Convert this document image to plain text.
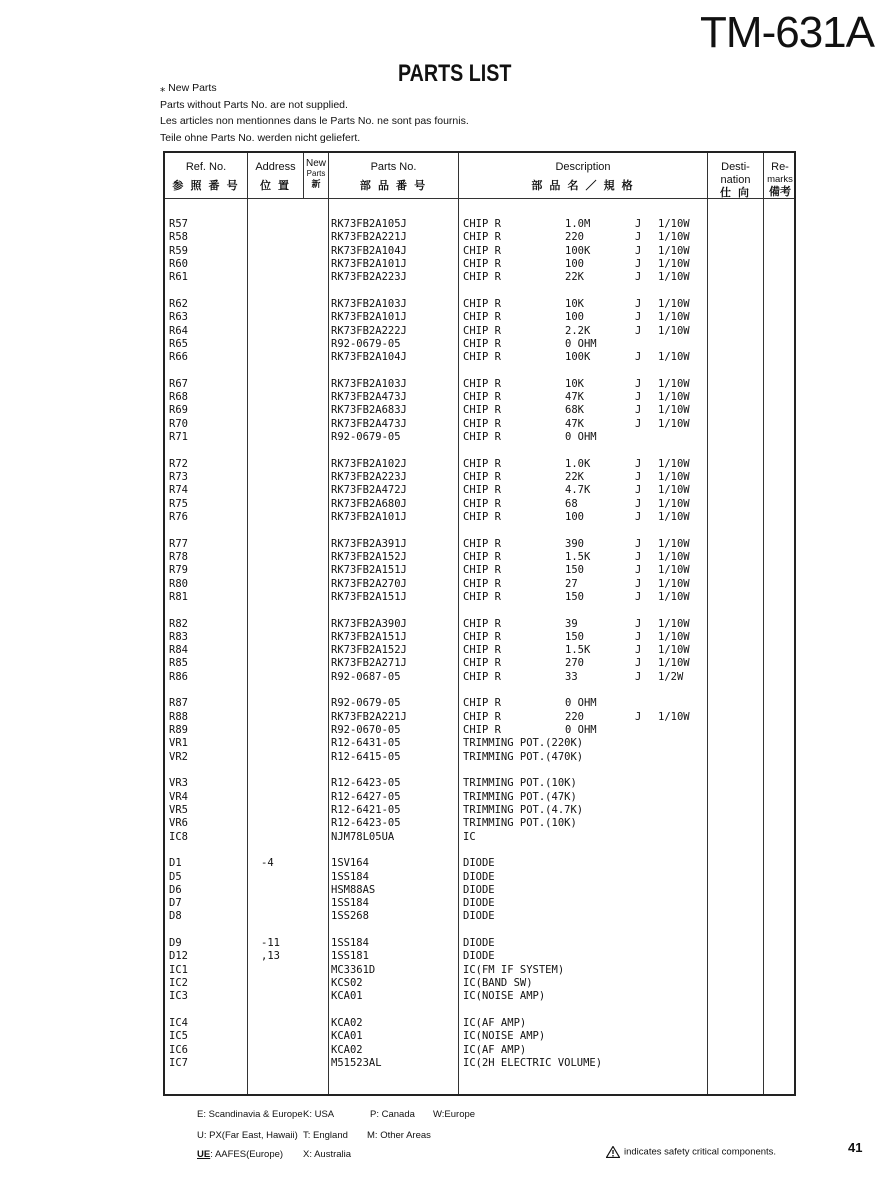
TM-631A
PARTS LIST
⁎ New Parts
Parts without Parts No. are not supplied.
Les articles non mentionnes dans le Parts No. ne sont pas fournis.
Teile ohne Parts No. werden nicht geliefert.
Ref. No.
参 照 番 号
Address
位 置
New
Parts
新
Parts No.
部 品 番 号
Description
部 品 名 ／ 規 格
Desti-
nation
仕 向
Re-
marks
備考
R57	RK73FB2A105J	CHIP R	1.0M	J 1/10W
R58	RK73FB2A221J	CHIP R	220	J 1/10W
R59	RK73FB2A104J	CHIP R	100K	J 1/10W
R60	RK73FB2A101J	CHIP R	100	J 1/10W
R61	RK73FB2A223J	CHIP R	22K	J 1/10W
R62	RK73FB2A103J	CHIP R	10K	J 1/10W
R63	RK73FB2A101J	CHIP R	100	J 1/10W
R64	RK73FB2A222J	CHIP R	2.2K	J 1/10W
R65	R92-0679-05	CHIP R	0 OHM
R66	RK73FB2A104J	CHIP R	100K	J 1/10W
R67	RK73FB2A103J	CHIP R	10K	J 1/10W
R68	RK73FB2A473J	CHIP R	47K	J 1/10W
R69	RK73FB2A683J	CHIP R	68K	J 1/10W
R70	RK73FB2A473J	CHIP R	47K	J 1/10W
R71	R92-0679-05	CHIP R	0 OHM
R72	RK73FB2A102J	CHIP R	1.0K	J 1/10W
R73	RK73FB2A223J	CHIP R	22K	J 1/10W
R74	RK73FB2A472J	CHIP R	4.7K	J 1/10W
R75	RK73FB2A680J	CHIP R	68	J 1/10W
R76	RK73FB2A101J	CHIP R	100	J 1/10W
R77	RK73FB2A391J	CHIP R	390	J 1/10W
R78	RK73FB2A152J	CHIP R	1.5K	J 1/10W
R79	RK73FB2A151J	CHIP R	150	J 1/10W
R80	RK73FB2A270J	CHIP R	27	J 1/10W
R81	RK73FB2A151J	CHIP R	150	J 1/10W
R82	RK73FB2A390J	CHIP R	39	J 1/10W
R83	RK73FB2A151J	CHIP R	150	J 1/10W
R84	RK73FB2A152J	CHIP R	1.5K	J 1/10W
R85	RK73FB2A271J	CHIP R	270	J 1/10W
R86	R92-0687-05	CHIP R	33	J 1/2W
R87	R92-0679-05	CHIP R	0 OHM
R88	RK73FB2A221J	CHIP R	220	J 1/10W
R89	R92-0670-05	CHIP R	0 OHM
VR1	R12-6431-05	TRIMMING POT.(220K)
VR2	R12-6415-05	TRIMMING POT.(470K)
VR3	R12-6423-05	TRIMMING POT.(10K)
VR4	R12-6427-05	TRIMMING POT.(47K)
VR5	R12-6421-05	TRIMMING POT.(4.7K)
VR6	R12-6423-05	TRIMMING POT.(10K)
IC8	NJM78L05UA	IC
D1	-4	1SV164	DIODE
D5	1SS184	DIODE
D6	HSM88AS	DIODE
D7	1SS184	DIODE
D8	1SS268	DIODE
D9	-11	1SS184	DIODE
D12	,13	1SS181	DIODE
IC1	MC3361D	IC(FM IF SYSTEM)
IC2	KCS02	IC(BAND SW)
IC3	KCA01	IC(NOISE AMP)
IC4	KCA02	IC(AF AMP)
IC5	KCA01	IC(NOISE AMP)
IC6	KCA02	IC(AF AMP)
IC7	M51523AL	IC(2H ELECTRIC VOLUME)
E: Scandinavia & Europe K: USA	P: Canada W:Europe
U: PX(Far East, Hawaii) T: England M: Other Areas
UE: AAFES(Europe) X: Australia	indicates safety critical components.	41
